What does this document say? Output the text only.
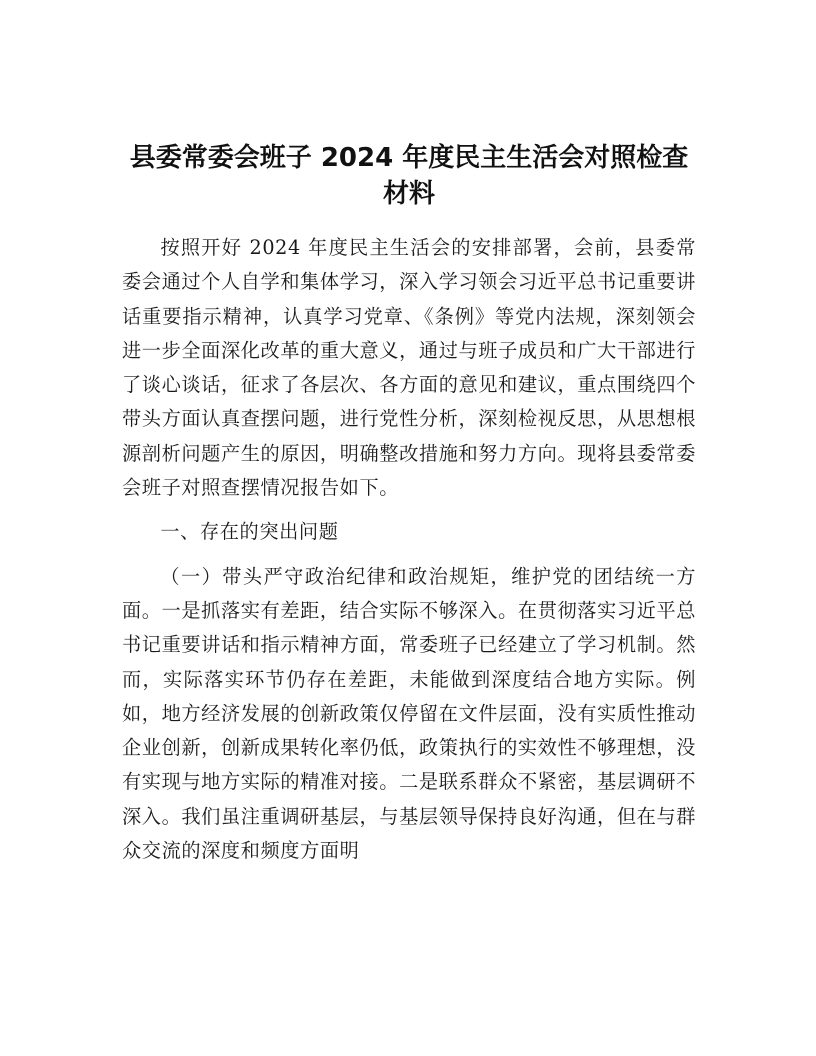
县委常委会班子 2024 年度民主生活会对照检查
材料

按照开好 2024 年度民主生活会的安排部署，会前，县委常委会通过个人自学和集体学习，深入学习领会习近平总书记重要讲话重要指示精神，认真学习党章、《条例》等党内法规，深刻领会进一步全面深化改革的重大意义，通过与班子成员和广大干部进行了谈心谈话，征求了各层次、各方面的意见和建议，重点围绕四个带头方面认真查摆问题，进行党性分析，深刻检视反思，从思想根源剖析问题产生的原因，明确整改措施和努力方向。现将县委常委会班子对照查摆情况报告如下。

一、存在的突出问题

（一）带头严守政治纪律和政治规矩，维护党的团结统一方面。一是抓落实有差距，结合实际不够深入。在贯彻落实习近平总书记重要讲话和指示精神方面，常委班子已经建立了学习机制。然而，实际落实环节仍存在差距，未能做到深度结合地方实际。例如，地方经济发展的创新政策仅停留在文件层面，没有实质性推动企业创新，创新成果转化率仍低，政策执行的实效性不够理想，没有实现与地方实际的精准对接。二是联系群众不紧密，基层调研不深入。我们虽注重调研基层，与基层领导保持良好沟通，但在与群众交流的深度和频度方面明
